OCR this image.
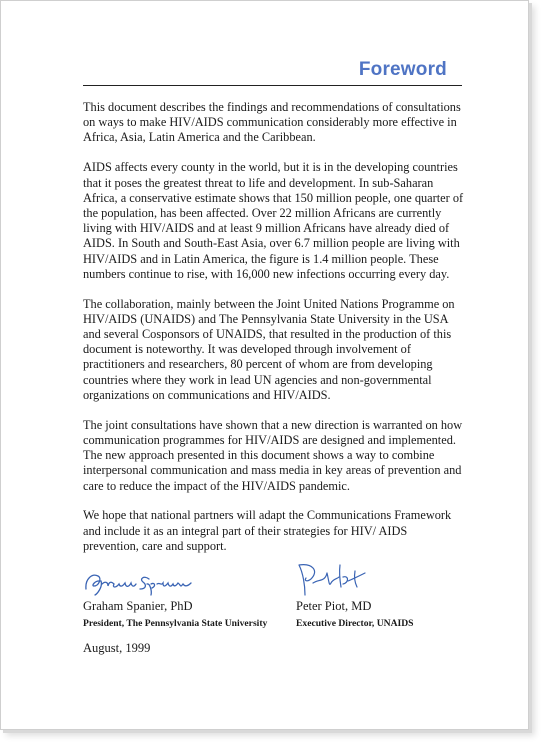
Foreword

This document describes the findings and recommendations of consultations on ways to make HIV/AIDS communication considerably more effective in Africa, Asia, Latin America and the Caribbean.

AIDS affects every county in the world, but it is in the developing countries that it poses the greatest threat to life and development. In sub-Saharan Africa, a conservative estimate shows that 150 million people, one quarter of the population, has been affected. Over 22 million Africans are currently living with HIV/AIDS and at least 9 million Africans have already died of AIDS. In South and South-East Asia, over 6.7 million people are living with HIV/AIDS and in Latin America, the figure is 1.4 million people. These numbers continue to rise, with 16,000 new infections occurring every day.

The collaboration, mainly between the Joint United Nations Programme on HIV/AIDS (UNAIDS) and The Pennsylvania State University in the USA and several Cosponsors of UNAIDS, that resulted in the production of this document is noteworthy. It was developed through involvement of practitioners and researchers, 80 percent of whom are from developing countries where they work in lead UN agencies and non-governmental organizations on communications and HIV/AIDS.

The joint consultations have shown that a new direction is warranted on how communication programmes for HIV/AIDS are designed and implemented. The new approach presented in this document shows a way to combine interpersonal communication and mass media in key areas of prevention and care to reduce the impact of the HIV/AIDS pandemic.

We hope that national partners will adapt the Communications Framework and include it as an integral part of their strategies for HIV/ AIDS prevention, care and support.

Graham Spanier, PhD	Peter Piot, MD
President, The Pennsylvania State University	Executive Director, UNAIDS
August, 1999
